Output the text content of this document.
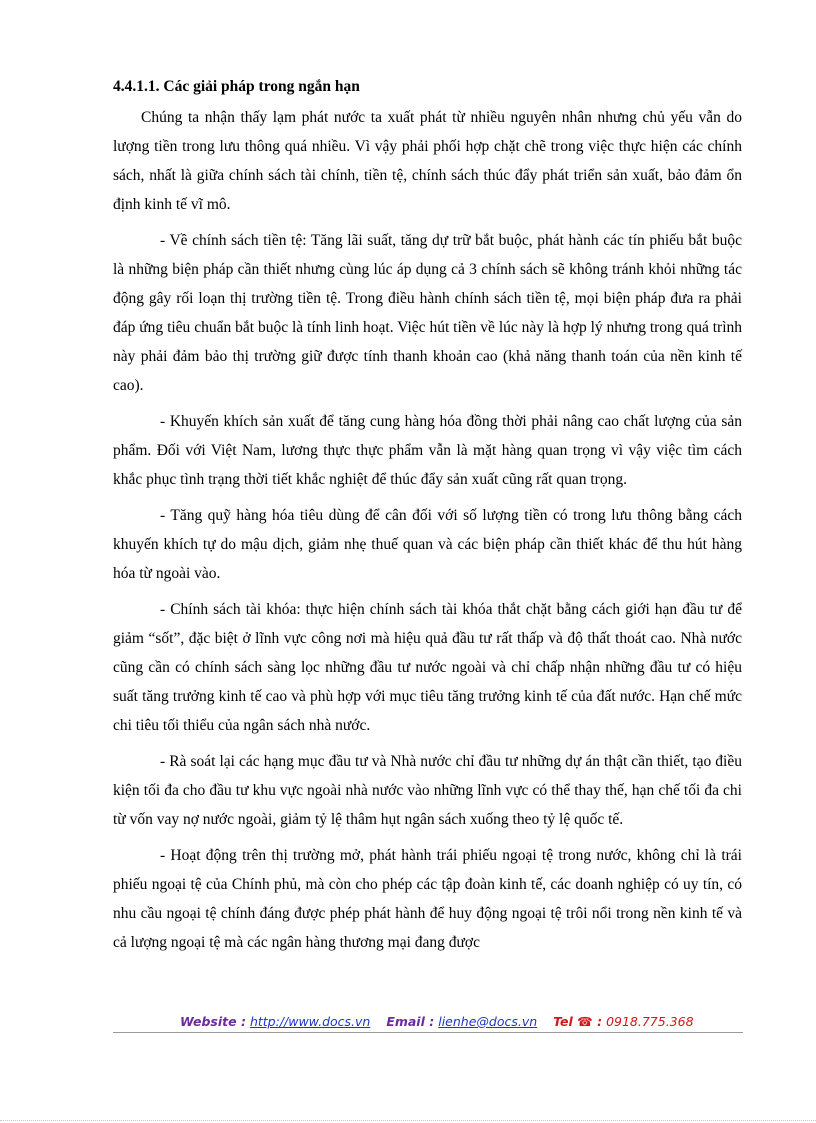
4.4.1.1. Các giải pháp trong ngắn hạn

Chúng ta nhận thấy lạm phát nước ta xuất phát từ nhiều nguyên nhân nhưng chủ yếu vẫn do lượng tiền trong lưu thông quá nhiều. Vì vậy phải phối hợp chặt chẽ trong việc thực hiện các chính sách, nhất là giữa chính sách tài chính, tiền tệ, chính sách thúc đẩy phát triển sản xuất, bảo đảm ổn định kinh tế vĩ mô.

- Về chính sách tiền tệ: Tăng lãi suất, tăng dự trữ bắt buộc, phát hành các tín phiếu bắt buộc là những biện pháp cần thiết nhưng cùng lúc áp dụng cả 3 chính sách sẽ không tránh khỏi những tác động gây rối loạn thị trường tiền tệ. Trong điều hành chính sách tiền tệ, mọi biện pháp đưa ra phải đáp ứng tiêu chuẩn bắt buộc là tính linh hoạt. Việc hút tiền về lúc này là hợp lý nhưng trong quá trình này phải đảm bảo thị trường giữ được tính thanh khoản cao (khả năng thanh toán của nền kinh tế cao).

- Khuyến khích sản xuất để tăng cung hàng hóa đồng thời phải nâng cao chất lượng của sản phẩm. Đối với Việt Nam, lương thực thực phẩm vẫn là mặt hàng quan trọng vì vậy việc tìm cách khắc phục tình trạng thời tiết khắc nghiệt để thúc đẩy sản xuất cũng rất quan trọng.

- Tăng quỹ hàng hóa tiêu dùng để cân đối với số lượng tiền có trong lưu thông bằng cách khuyến khích tự do mậu dịch, giảm nhẹ thuế quan và các biện pháp cần thiết khác để thu hút hàng hóa từ ngoài vào.

- Chính sách tài khóa: thực hiện chính sách tài khóa thắt chặt bằng cách giới hạn đầu tư để giảm “sốt”, đặc biệt ở lĩnh vực công nơi mà hiệu quả đầu tư rất thấp và độ thất thoát cao. Nhà nước cũng cần có chính sách sàng lọc những đầu tư nước ngoài và chỉ chấp nhận những đầu tư có hiệu suất tăng trưởng kinh tế cao và phù hợp với mục tiêu tăng trưởng kinh tế của đất nước. Hạn chế mức chi tiêu tối thiểu của ngân sách nhà nước.

- Rà soát lại các hạng mục đầu tư và Nhà nước chỉ đầu tư những dự án thật cần thiết, tạo điều kiện tối đa cho đầu tư khu vực ngoài nhà nước vào những lĩnh vực có thể thay thế, hạn chế tối đa chi từ vốn vay nợ nước ngoài, giảm tỷ lệ thâm hụt ngân sách xuống theo tỷ lệ quốc tế.

- Hoạt động trên thị trường mở, phát hành trái phiếu ngoại tệ trong nước, không chỉ là trái phiếu ngoại tệ của Chính phủ, mà còn cho phép các tập đoàn kinh tế, các doanh nghiệp có uy tín, có nhu cầu ngoại tệ chính đáng được phép phát hành để huy động ngoại tệ trôi nổi trong nền kinh tế và cả lượng ngoại tệ mà các ngân hàng thương mại đang được

Website : http://www.docs.vn Email : lienhe@docs.vn Tel ☎ : 0918.775.368
